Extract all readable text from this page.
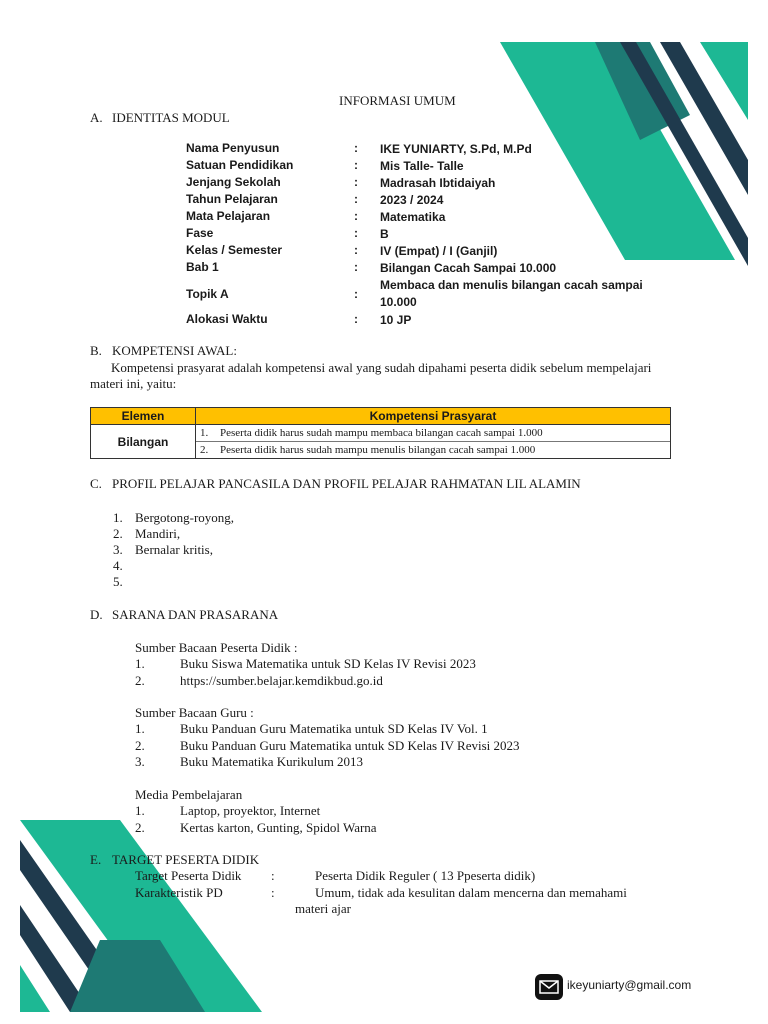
INFORMASI UMUM
A. IDENTITAS MODUL
Nama Penyusun	: IKE YUNIARTY, S.Pd, M.Pd
Satuan Pendidikan	: Mis Talle- Talle
Jenjang Sekolah	: Madrasah Ibtidaiyah
Tahun Pelajaran	: 2023 / 2024
Mata Pelajaran	: Matematika
Fase	: B
Kelas / Semester	: IV (Empat) / I (Ganjil)
Bab 1	: Bilangan Cacah Sampai 10.000
Topik A	:
Membaca dan menulis bilangan cacah sampai 10.000
Alokasi Waktu	: 10 JP
B. KOMPETENSI AWAL:
Kompetensi prasyarat adalah kompetensi awal yang sudah dipahami peserta didik sebelum mempelajari
materi ini, yaitu:
Elemen	Kompetensi Prasyarat
Bilangan	1. Peserta didik harus sudah mampu membaca bilangan cacah sampai 1.000
2. Peserta didik harus sudah mampu menulis bilangan cacah sampai 1.000
C. PROFIL PELAJAR PANCASILA DAN PROFIL PELAJAR RAHMATAN LIL ALAMIN
1. Bergotong-royong,
2. Mandiri,
3. Bernalar kritis,
4.
5.
D. SARANA DAN PRASARANA
Sumber Bacaan Peserta Didik :
1.	Buku Siswa Matematika untuk SD Kelas IV Revisi 2023
2.	https://sumber.belajar.kemdikbud.go.id
Sumber Bacaan Guru :
1.	Buku Panduan Guru Matematika untuk SD Kelas IV Vol. 1
2.	Buku Panduan Guru Matematika untuk SD Kelas IV Revisi 2023
3.	Buku Matematika Kurikulum 2013
Media Pembelajaran
1.	Laptop, proyektor, Internet
2.	Kertas karton, Gunting, Spidol Warna
E. TARGET PESERTA DIDIK
Target Peserta Didik :	Peserta Didik Reguler ( 13 Ppeserta didik)
Karakteristik PD	:	Umum, tidak ada kesulitan dalam mencerna dan memahami
materi ajar
ikeyuniarty@gmail.com
